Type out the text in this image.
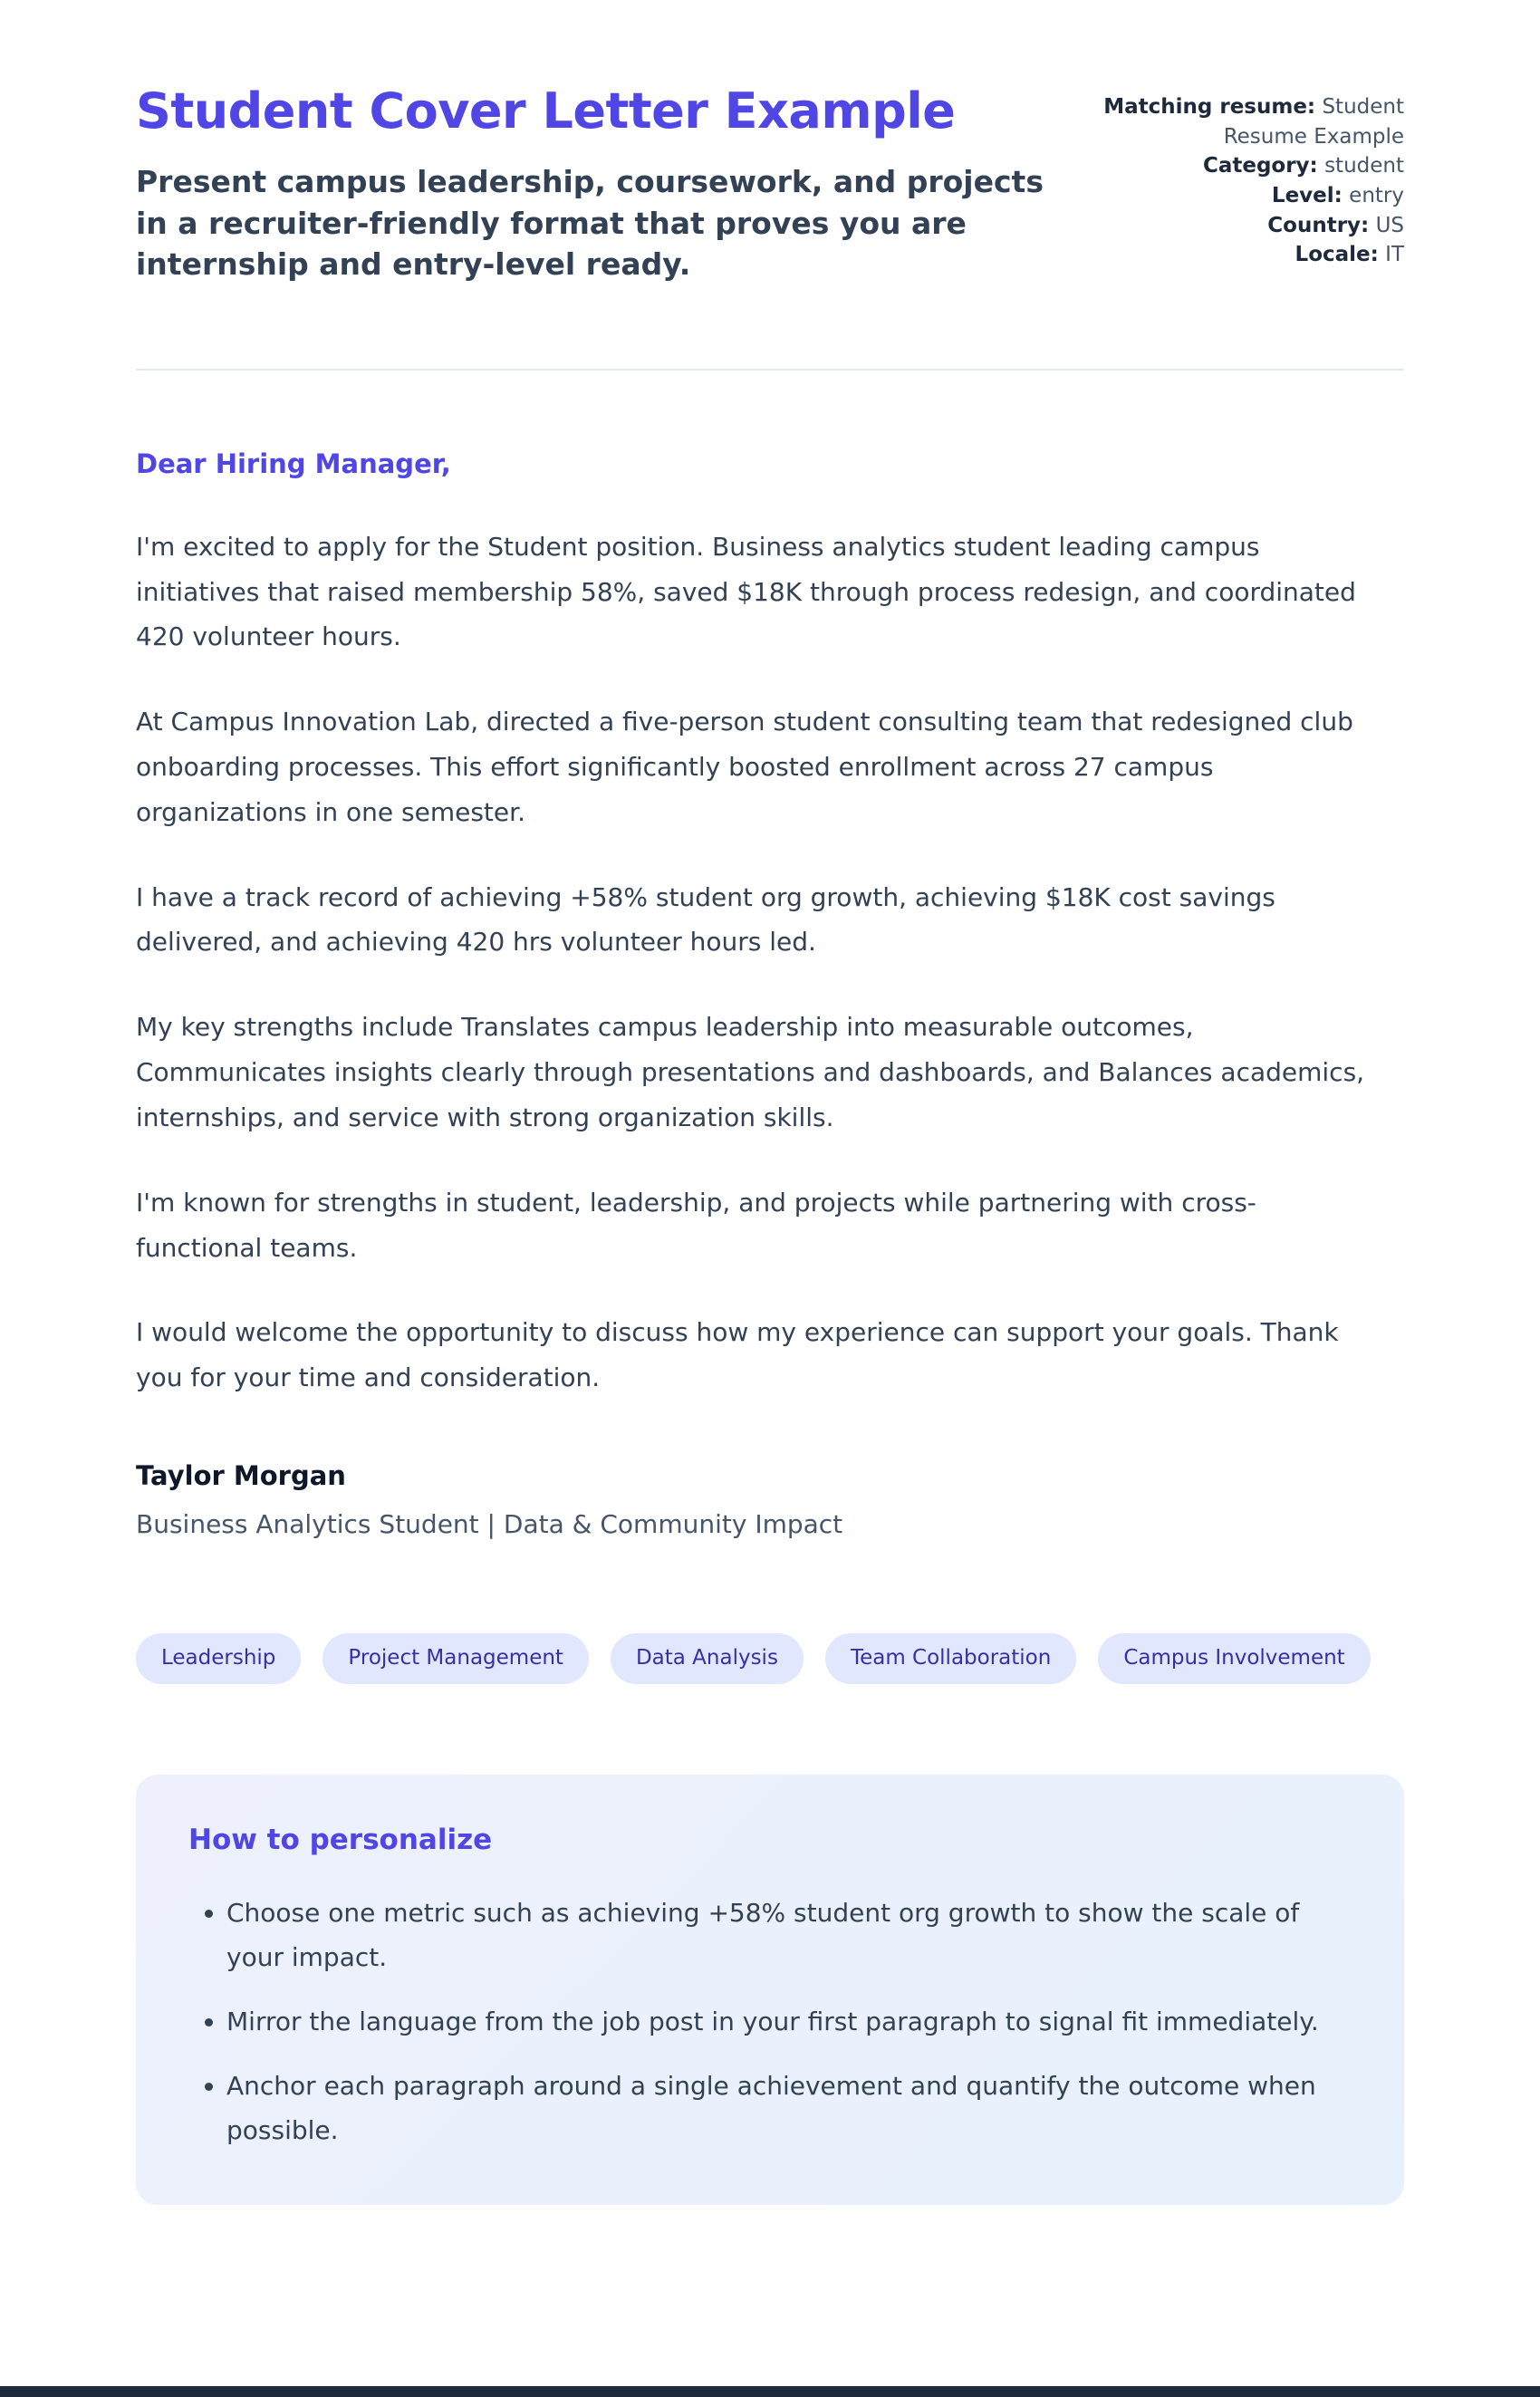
Student Cover Letter Example

Present campus leadership, coursework, and projects in a recruiter-friendly format that proves you are internship and entry-level ready.

Matching resume: Student Resume Example
Category: student
Level: entry
Country: US
Locale: IT

Dear Hiring Manager,

I'm excited to apply for the Student position. Business analytics student leading campus initiatives that raised membership 58%, saved $18K through process redesign, and coordinated 420 volunteer hours.

At Campus Innovation Lab, directed a five-person student consulting team that redesigned club onboarding processes. This effort significantly boosted enrollment across 27 campus organizations in one semester.

I have a track record of achieving +58% student org growth, achieving $18K cost savings delivered, and achieving 420 hrs volunteer hours led.

My key strengths include Translates campus leadership into measurable outcomes, Communicates insights clearly through presentations and dashboards, and Balances academics, internships, and service with strong organization skills.

I'm known for strengths in student, leadership, and projects while partnering with cross-functional teams.

I would welcome the opportunity to discuss how my experience can support your goals. Thank you for your time and consideration.

Taylor Morgan

Business Analytics Student | Data & Community Impact

Leadership	Project Management	Data Analysis	Team Collaboration	Campus Involvement
How to personalize
• Choose one metric such as achieving +58% student org growth to show the scale of your impact.
• Mirror the language from the job post in your first paragraph to signal fit immediately.
• Anchor each paragraph around a single achievement and quantify the outcome when possible.
